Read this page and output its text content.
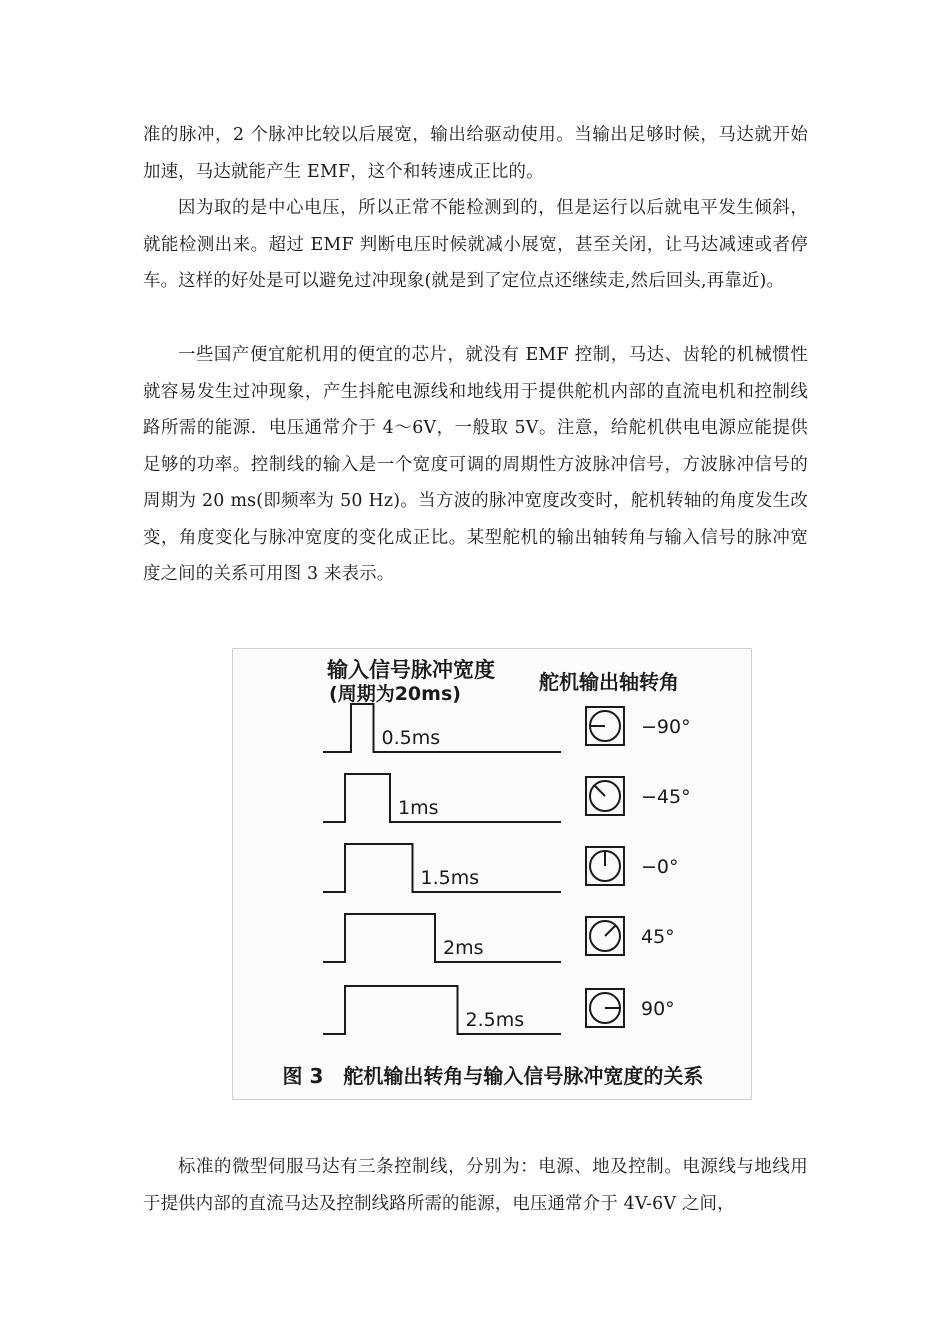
准的脉冲，2 个脉冲比较以后展宽，输出给驱动使用。当输出足够时候，马达就开始加速，马达就能产生 EMF，这个和转速成正比的。

因为取的是中心电压，所以正常不能检测到的，但是运行以后就电平发生倾斜，就能检测出来。超过 EMF 判断电压时候就减小展宽，甚至关闭，让马达减速或者停车。这样的好处是可以避免过冲现象(就是到了定位点还继续走,然后回头,再靠近)。

一些国产便宜舵机用的便宜的芯片，就没有 EMF 控制，马达、齿轮的机械惯性就容易发生过冲现象，产生抖舵电源线和地线用于提供舵机内部的直流电机和控制线路所需的能源．电压通常介于 4～6V，一般取 5V。注意，给舵机供电电源应能提供足够的功率。控制线的输入是一个宽度可调的周期性方波脉冲信号，方波脉冲信号的周期为 20 ms(即频率为 50 Hz)。当方波的脉冲宽度改变时，舵机转轴的角度发生改变，角度变化与脉冲宽度的变化成正比。某型舵机的输出轴转角与输入信号的脉冲宽度之间的关系可用图 3 来表示。

输入信号脉冲宽度
(周期为20ms)	舵机输出轴转角
0.5ms	−90°
1ms	−45°
1.5ms	−0°
2ms	45°
2.5ms	90°
图 3　舵机输出转角与输入信号脉冲宽度的关系

标准的微型伺服马达有三条控制线，分别为：电源、地及控制。电源线与地线用于提供内部的直流马达及控制线路所需的能源，电压通常介于 4V-6V 之间，
